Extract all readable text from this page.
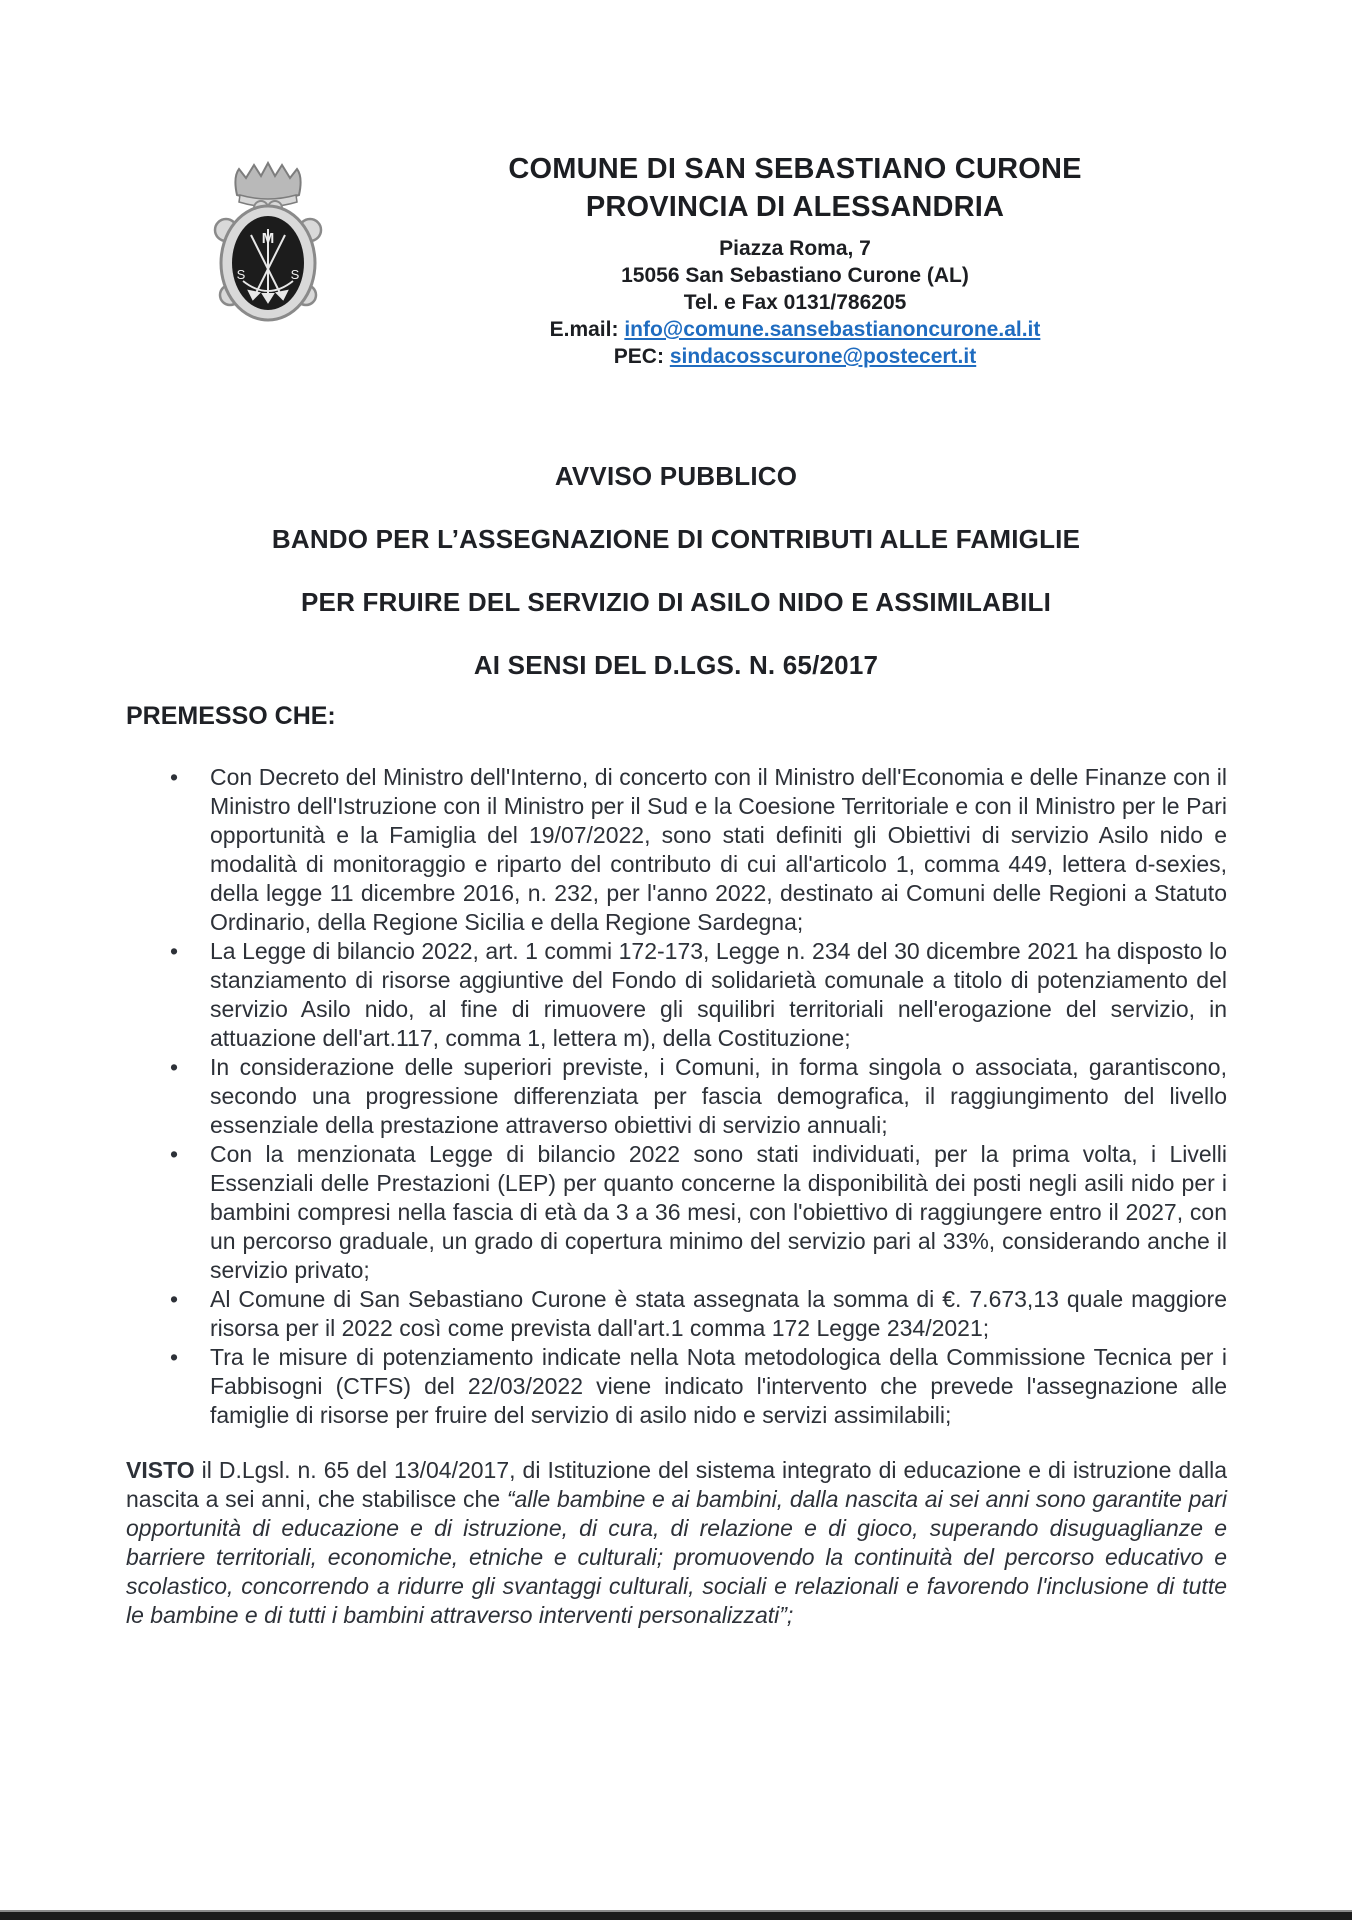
M
S	S
COMUNE DI SAN SEBASTIANO CURONE
PROVINCIA DI ALESSANDRIA
Piazza Roma, 7
15056 San Sebastiano Curone (AL)
Tel. e Fax 0131/786205
E.mail: info@comune.sansebastianoncurone.al.it
PEC: sindacosscurone@postecert.it
AVVISO PUBBLICO
BANDO PER L’ASSEGNAZIONE DI CONTRIBUTI ALLE FAMIGLIE
PER FRUIRE DEL SERVIZIO DI ASILO NIDO E ASSIMILABILI
AI SENSI DEL D.LGS. N. 65/2017
PREMESSO CHE:
• Con Decreto del Ministro dell'Interno, di concerto con il Ministro dell'Economia e delle Finanze con il Ministro dell'Istruzione con il Ministro per il Sud e la Coesione Territoriale e con il Ministro per le Pari opportunità e la Famiglia del 19/07/2022, sono stati definiti gli Obiettivi di servizio Asilo nido e modalità di monitoraggio e riparto del contributo di cui all'articolo 1, comma 449, lettera d-sexies, della legge 11 dicembre 2016, n. 232, per l'anno 2022, destinato ai Comuni delle Regioni a Statuto Ordinario, della Regione Sicilia e della Regione Sardegna;
• La Legge di bilancio 2022, art. 1 commi 172-173, Legge n. 234 del 30 dicembre 2021 ha disposto lo stanziamento di risorse aggiuntive del Fondo di solidarietà comunale a titolo di potenziamento del servizio Asilo nido, al fine di rimuovere gli squilibri territoriali nell'erogazione del servizio, in attuazione dell'art.117, comma 1, lettera m), della Costituzione;
• In considerazione delle superiori previste, i Comuni, in forma singola o associata, garantiscono, secondo una progressione differenziata per fascia demografica, il raggiungimento del livello essenziale della prestazione attraverso obiettivi di servizio annuali;
• Con la menzionata Legge di bilancio 2022 sono stati individuati, per la prima volta, i Livelli Essenziali delle Prestazioni (LEP) per quanto concerne la disponibilità dei posti negli asili nido per i bambini compresi nella fascia di età da 3 a 36 mesi, con l'obiettivo di raggiungere entro il 2027, con un percorso graduale, un grado di copertura minimo del servizio pari al 33%, considerando anche il servizio privato;
• Al Comune di San Sebastiano Curone è stata assegnata la somma di €. 7.673,13 quale maggiore risorsa per il 2022 così come prevista dall'art.1 comma 172 Legge 234/2021;
• Tra le misure di potenziamento indicate nella Nota metodologica della Commissione Tecnica per i Fabbisogni (CTFS) del 22/03/2022 viene indicato l'intervento che prevede l'assegnazione alle famiglie di risorse per fruire del servizio di asilo nido e servizi assimilabili;

VISTO il D.Lgsl. n. 65 del 13/04/2017, di Istituzione del sistema integrato di educazione e di istruzione dalla nascita a sei anni, che stabilisce che “alle bambine e ai bambini, dalla nascita ai sei anni sono garantite pari opportunità di educazione e di istruzione, di cura, di relazione e di gioco, superando disuguaglianze e barriere territoriali, economiche, etniche e culturali; promuovendo la continuità del percorso educativo e scolastico, concorrendo a ridurre gli svantaggi culturali, sociali e relazionali e favorendo l'inclusione di tutte le bambine e di tutti i bambini attraverso interventi personalizzati”;
